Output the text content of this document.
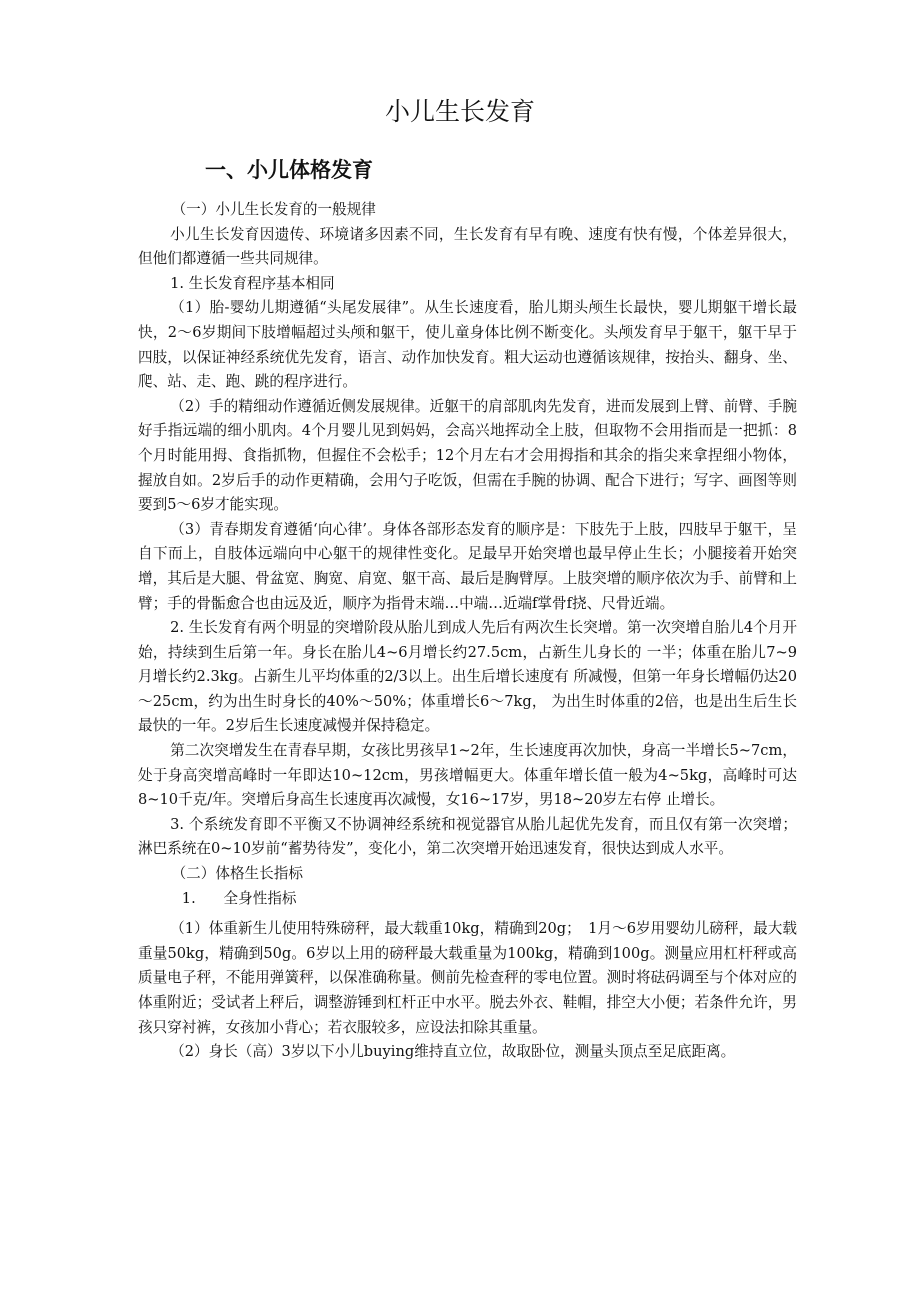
小儿生长发育
一、小儿体格发育

（一）小儿生长发育的一般规律

小儿生长发育因遗传、环境诸多因素不同，生长发育有早有晚、速度有快有慢，个体差异很大，但他们都遵循一些共同规律。

1. 生长发育程序基本相同

（1）胎-婴幼儿期遵循“头尾发展律”。从生长速度看，胎儿期头颅生长最快，婴儿期躯干增长最快，2～6岁期间下肢增幅超过头颅和躯干，使儿童身体比例不断变化。头颅发育早于躯干，躯干早于四肢，以保证神经系统优先发育，语言、动作加快发育。粗大运动也遵循该规律，按抬头、翻身、坐、爬、站、走、跑、跳的程序进行。

（2）手的精细动作遵循近侧发展规律。近躯干的肩部肌肉先发育，进而发展到上臂、前臂、手腕好手指远端的细小肌肉。4个月婴儿见到妈妈，会高兴地挥动全上肢，但取物不会用指而是一把抓：8个月时能用拇、食指抓物，但握住不会松手；12个月左右才会用拇指和其余的指尖来拿捏细小物体，握放自如。2岁后手的动作更精确，会用勺子吃饭，但需在手腕的协调、配合下进行；写字、画图等则要到5～6岁才能实现。

（3）青春期发育遵循‘向心律’。身体各部形态发育的顺序是：下肢先于上肢，四肢早于躯干，呈自下而上，自肢体远端向中心躯干的规律性变化。足最早开始突增也最早停止生长；小腿接着开始突增，其后是大腿、骨盆宽、胸宽、肩宽、躯干高、最后是胸臂厚。上肢突增的顺序依次为手、前臂和上臂；手的骨骺愈合也由远及近，顺序为指骨末端…中端…近端f掌骨f挠、尺骨近端。

2. 生长发育有两个明显的突增阶段从胎儿到成人先后有两次生长突增。第一次突增自胎儿4个月开始，持续到生后第一年。身长在胎儿4~6月增长约27.5cm，占新生儿身长的 一半；体重在胎儿7~9月增长约2.3kg。占新生儿平均体重的2/3以上。出生后增长速度有 所减慢，但第一年身长增幅仍达20～25cm，约为出生时身长的40%～50%；体重增长6～7kg， 为出生时体重的2倍，也是出生后生长最快的一年。2岁后生长速度减慢并保持稳定。

第二次突增发生在青春早期，女孩比男孩早1~2年，生长速度再次加快，身高一半增长5~7cm，处于身高突增高峰时一年即达10~12cm，男孩增幅更大。体重年增长值一般为4~5kg，高峰时可达8~10千克/年。突增后身高生长速度再次减慢，女16~17岁，男18~20岁左右停 止增长。

3. 个系统发育即不平衡又不协调神经系统和视觉器官从胎儿起优先发育，而且仅有第一次突增；淋巴系统在0~10岁前“蓄势待发”，变化小，第二次突增开始迅速发育，很快达到成人水平。

（二）体格生长指标

1.      全身性指标

（1）体重新生儿使用特殊磅秤，最大载重10kg，精确到20g；　1月～6岁用婴幼儿磅秤，最大载重量50kg，精确到50g。6岁以上用的磅秤最大载重量为100kg，精确到100g。测量应用杠杆秤或高质量电子秤，不能用弹簧秤，以保准确称量。侧前先检查秤的零电位置。测时将砝码调至与个体对应的体重附近；受试者上秤后，调整游锤到杠杆正中水平。脱去外衣、鞋帽，排空大小便；若条件允许，男孩只穿衬裤，女孩加小背心；若衣服较多，应设法扣除其重量。

（2）身长（高）3岁以下小儿buying维持直立位，故取卧位，测量头顶点至足底距离。
